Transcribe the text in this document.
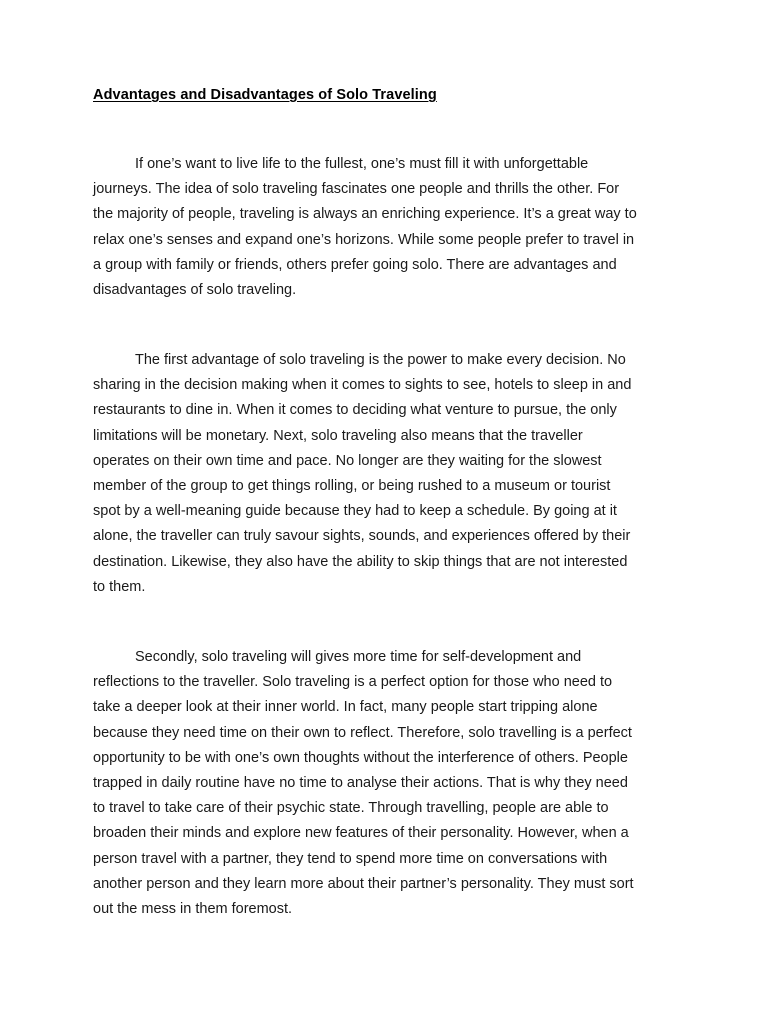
Advantages and Disadvantages of Solo Traveling

If one’s want to live life to the fullest, one’s must fill it with unforgettable
journeys. The idea of solo traveling fascinates one people and thrills the other. For
the majority of people, traveling is always an enriching experience. It’s a great way to
relax one’s senses and expand one’s horizons. While some people prefer to travel in
a group with family or friends, others prefer going solo. There are advantages and
disadvantages of solo traveling.

The first advantage of solo traveling is the power to make every decision. No
sharing in the decision making when it comes to sights to see, hotels to sleep in and
restaurants to dine in. When it comes to deciding what venture to pursue, the only
limitations will be monetary. Next, solo traveling also means that the traveller
operates on their own time and pace. No longer are they waiting for the slowest
member of the group to get things rolling, or being rushed to a museum or tourist
spot by a well-meaning guide because they had to keep a schedule. By going at it
alone, the traveller can truly savour sights, sounds, and experiences offered by their
destination. Likewise, they also have the ability to skip things that are not interested
to them.

Secondly, solo traveling will gives more time for self-development and
reflections to the traveller. Solo traveling is a perfect option for those who need to
take a deeper look at their inner world. In fact, many people start tripping alone
because they need time on their own to reflect. Therefore, solo travelling is a perfect
opportunity to be with one’s own thoughts without the interference of others. People
trapped in daily routine have no time to analyse their actions. That is why they need
to travel to take care of their psychic state. Through travelling, people are able to
broaden their minds and explore new features of their personality. However, when a
person travel with a partner, they tend to spend more time on conversations with
another person and they learn more about their partner’s personality. They must sort
out the mess in them foremost.
